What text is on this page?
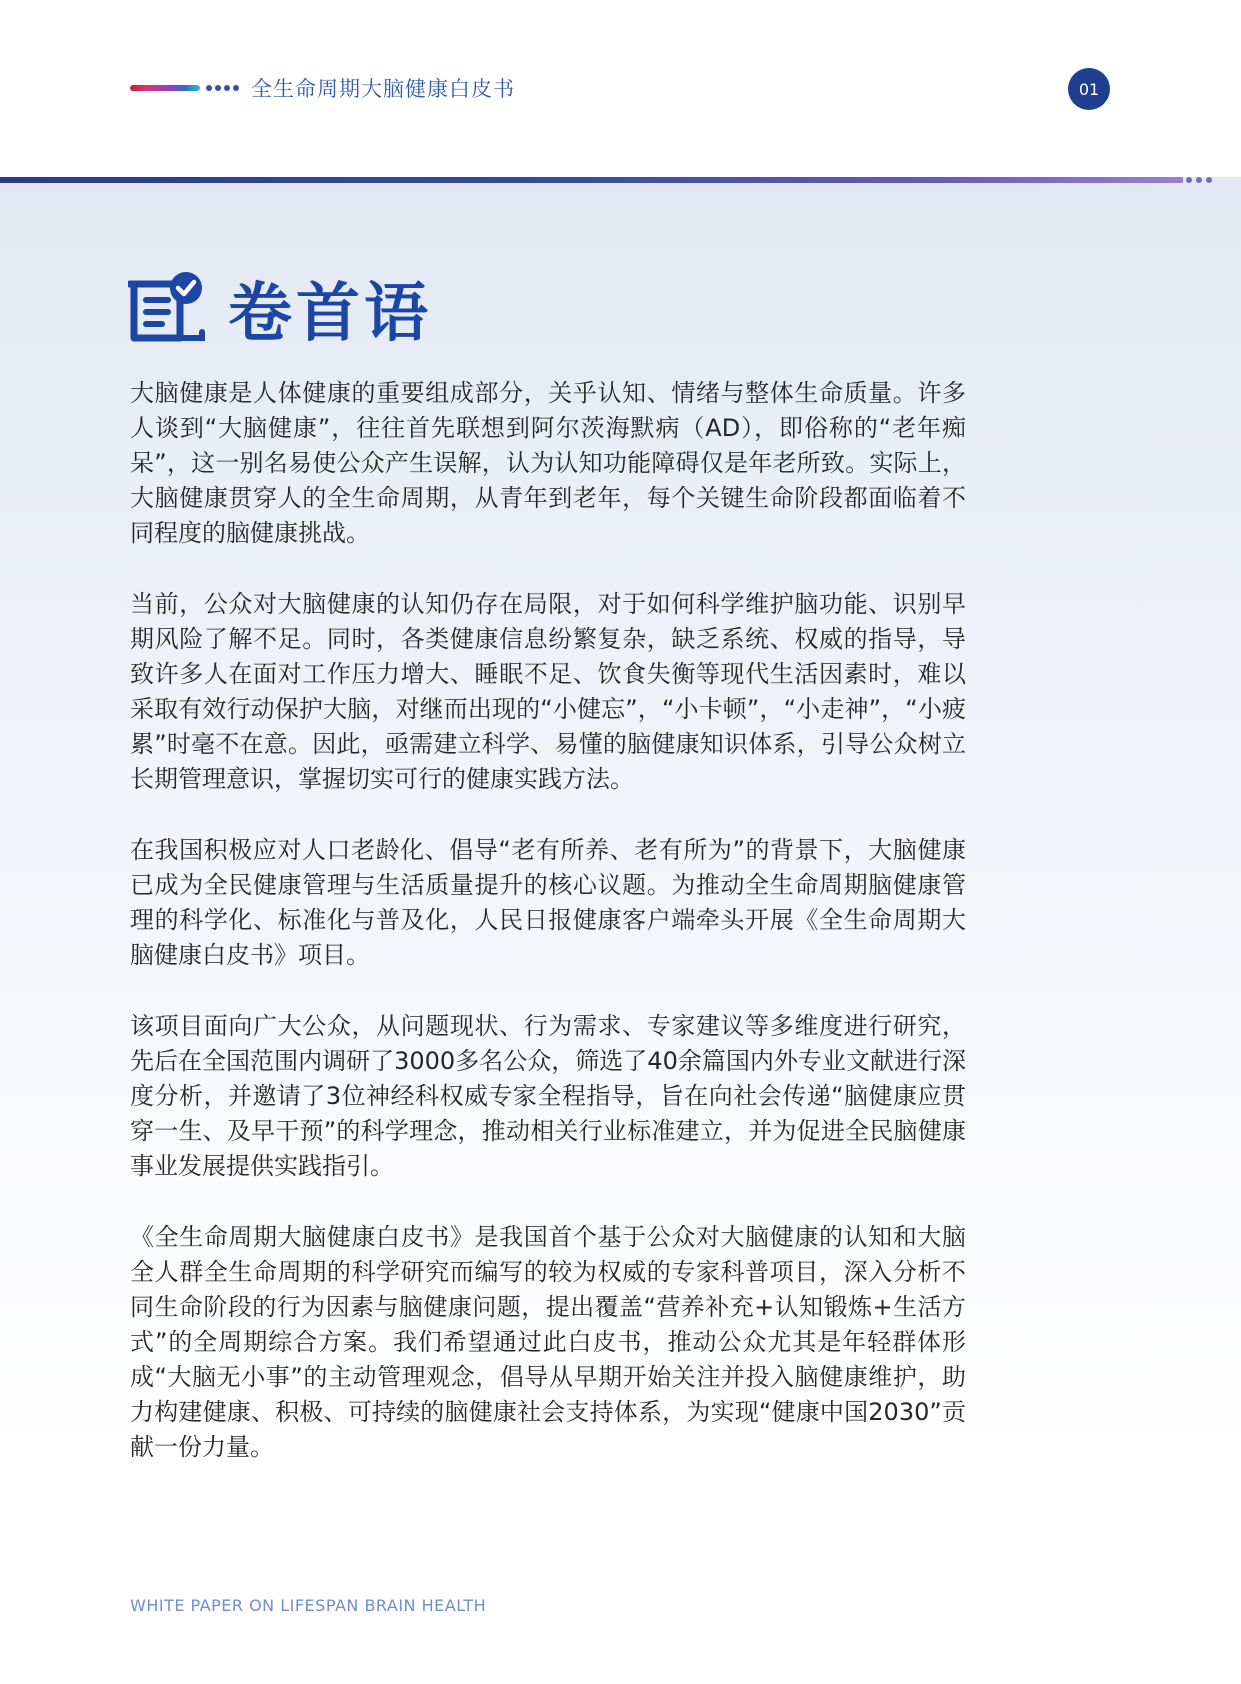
全生命周期大脑健康白皮书	01
卷首语

大脑健康是人体健康的重要组成部分，关乎认知、情绪与整体生命质量。许多人谈到“大脑健康”，往往首先联想到阿尔茨海默病（AD），即俗称的“老年痴呆”，这一别名易使公众产生误解，认为认知功能障碍仅是年老所致。实际上，大脑健康贯穿人的全生命周期，从青年到老年，每个关键生命阶段都面临着不同程度的脑健康挑战。

当前，公众对大脑健康的认知仍存在局限，对于如何科学维护脑功能、识别早期风险了解不足。同时，各类健康信息纷繁复杂，缺乏系统、权威的指导，导致许多人在面对工作压力增大、睡眠不足、饮食失衡等现代生活因素时，难以采取有效行动保护大脑，对继而出现的“小健忘”，“小卡顿”，“小走神”，“小疲累”时毫不在意。因此，亟需建立科学、易懂的脑健康知识体系，引导公众树立长期管理意识，掌握切实可行的健康实践方法。

在我国积极应对人口老龄化、倡导“老有所养、老有所为”的背景下，大脑健康已成为全民健康管理与生活质量提升的核心议题。为推动全生命周期脑健康管理的科学化、标准化与普及化，人民日报健康客户端牵头开展《全生命周期大脑健康白皮书》项目。

该项目面向广大公众，从问题现状、行为需求、专家建议等多维度进行研究，先后在全国范围内调研了3000多名公众，筛选了40余篇国内外专业文献进行深度分析，并邀请了3位神经科权威专家全程指导，旨在向社会传递“脑健康应贯穿一生、及早干预”的科学理念，推动相关行业标准建立，并为促进全民脑健康事业发展提供实践指引。

《全生命周期大脑健康白皮书》是我国首个基于公众对大脑健康的认知和大脑全人群全生命周期的科学研究而编写的较为权威的专家科普项目，深入分析不同生命阶段的行为因素与脑健康问题，提出覆盖“营养补充+认知锻炼+生活方式”的全周期综合方案。我们希望通过此白皮书，推动公众尤其是年轻群体形成“大脑无小事”的主动管理观念，倡导从早期开始关注并投入脑健康维护，助力构建健康、积极、可持续的脑健康社会支持体系，为实现“健康中国2030”贡献一份力量。

WHITE PAPER ON LIFESPAN BRAIN HEALTH
